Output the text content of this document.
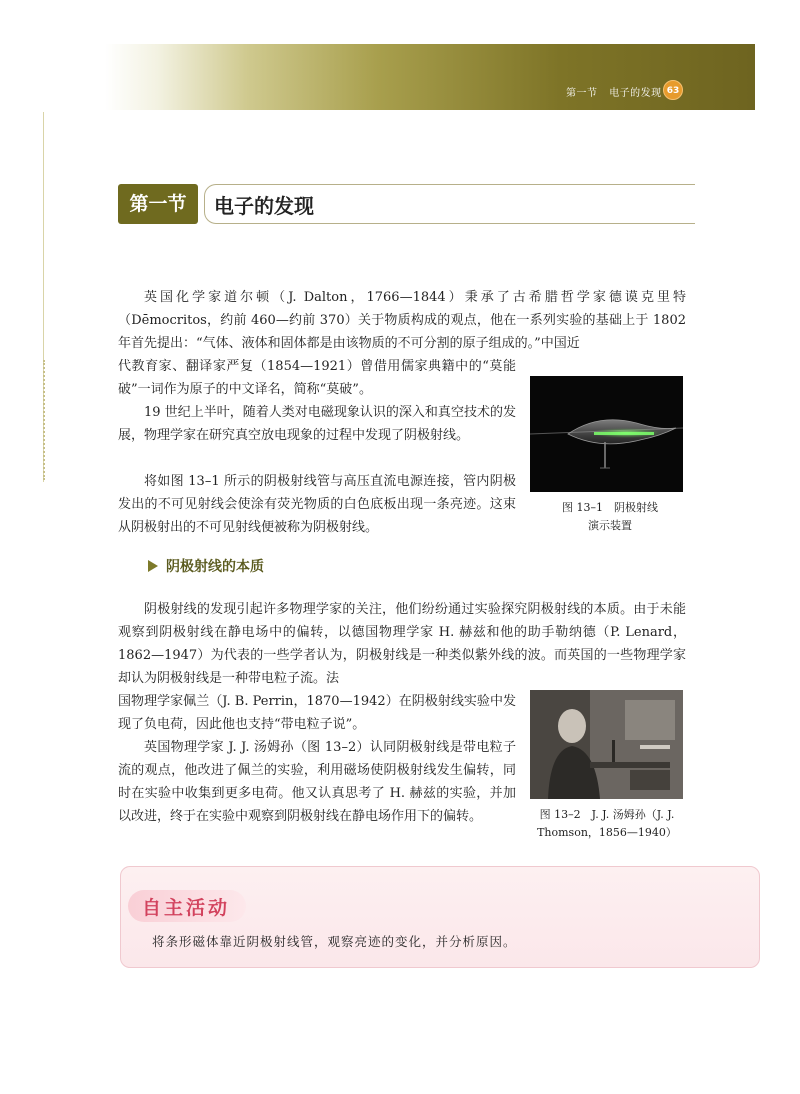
第一节 电子的发现 63
第一节	电子的发现

英国化学家道尔顿（J. Dalton，1766—1844）秉承了古希腊哲学家德谟克里特（Dēmocritos，约前 460—约前 370）关于物质构成的观点，他在一系列实验的基础上于 1802 年首先提出：“气体、液体和固体都是由该物质的不可分割的原子组成的。”中国近

代教育家、翻译家严复（1854—1921）曾借用儒家典籍中的“莫能破”一词作为原子的中文译名，简称“莫破”。

19 世纪上半叶，随着人类对电磁现象认识的深入和真空技术的发展，物理学家在研究真空放电现象的过程中发现了阴极射线。

将如图 13–1 所示的阴极射线管与高压直流电源连接，管内阴极发出的不可见射线会使涂有荧光物质的白色底板出现一条亮迹。这束从阴极射出的不可见射线便被称为阴极射线。

图 13–1　阴极射线
演示装置
阴极射线的本质

阴极射线的发现引起许多物理学家的关注，他们纷纷通过实验探究阴极射线的本质。由于未能观察到阴极射线在静电场中的偏转，以德国物理学家 H. 赫兹和他的助手勒纳德（P. Lenard，1862—1947）为代表的一些学者认为，阴极射线是一种类似紫外线的波。而英国的一些物理学家却认为阴极射线是一种带电粒子流。法

国物理学家佩兰（J. B. Perrin，1870—1942）在阴极射线实验中发现了负电荷，因此他也支持“带电粒子说”。

英国物理学家 J. J. 汤姆孙（图 13–2）认同阴极射线是带电粒子流的观点，他改进了佩兰的实验，利用磁场使阴极射线发生偏转，同时在实验中收集到更多电荷。他又认真思考了 H. 赫兹的实验，并加以改进，终于在实验中观察到阴极射线在静电场作用下的偏转。	图 13–2　J. J. 汤姆孙（J. J.
Thomson，1856—1940）
自主活动
将条形磁体靠近阴极射线管，观察亮迹的变化，并分析原因。
